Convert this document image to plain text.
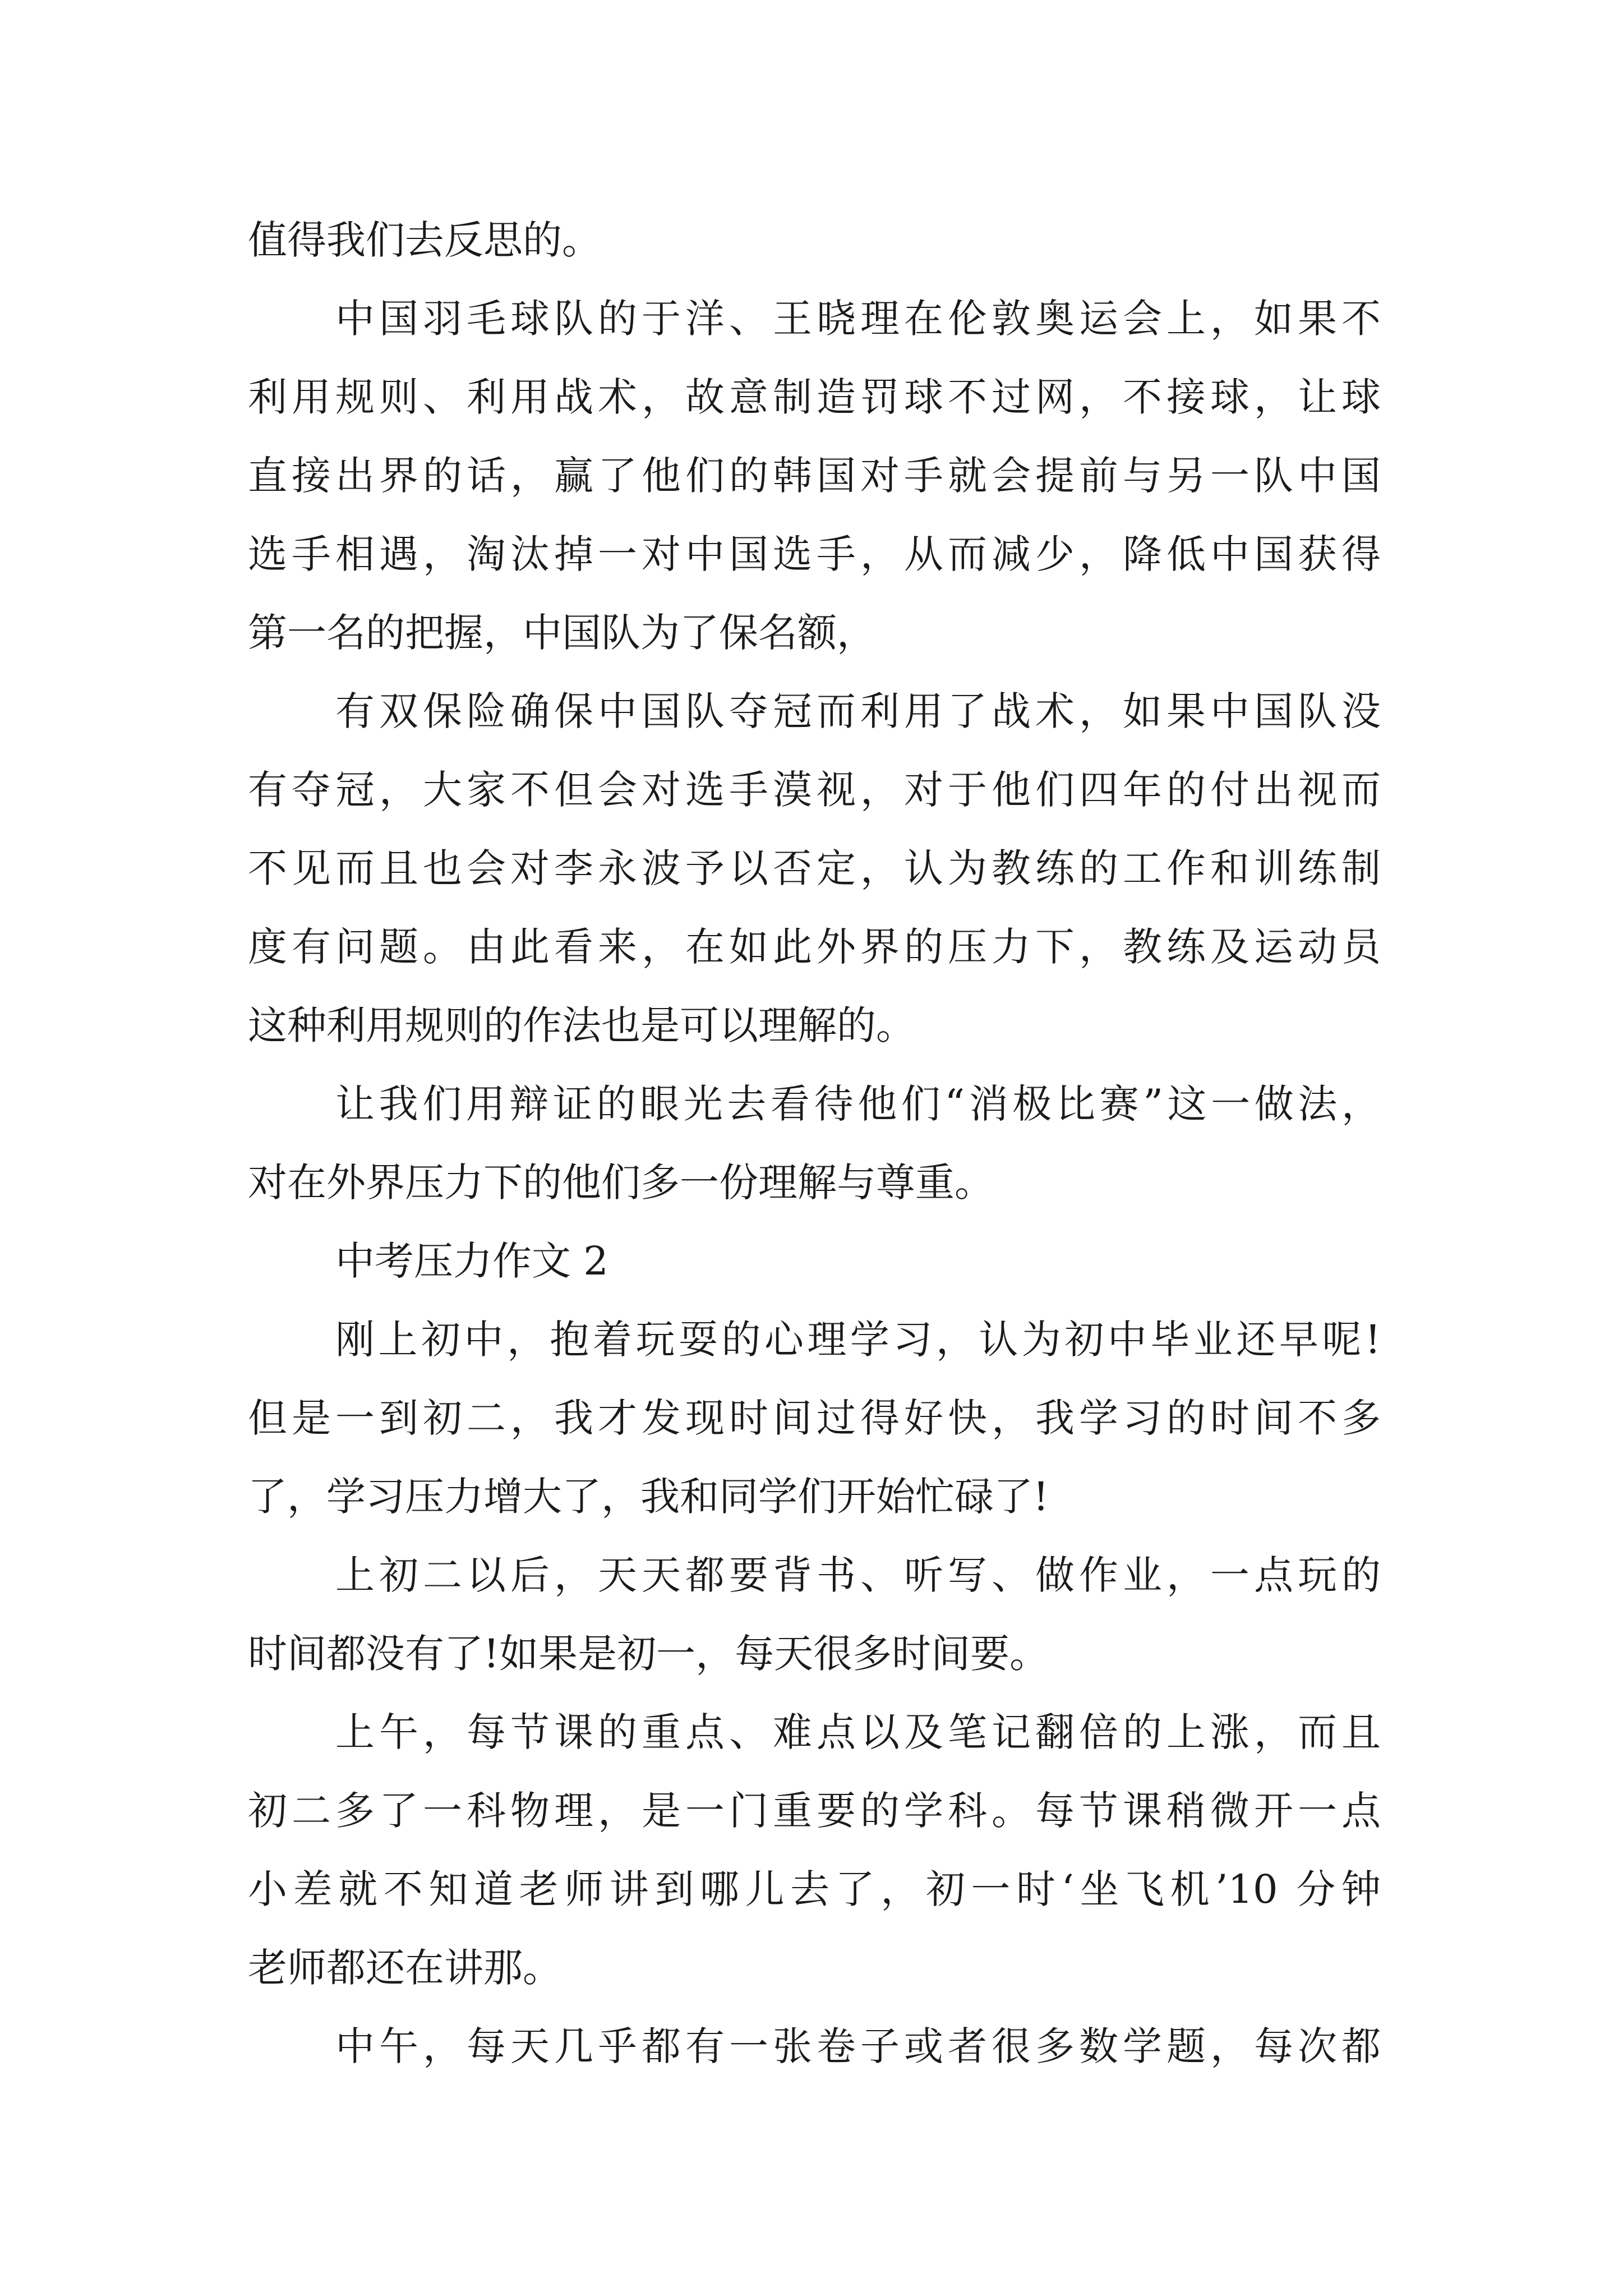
值得我们去反思的。

中国羽毛球队的于洋、王晓理在伦敦奥运会上，如果不

利用规则、利用战术，故意制造罚球不过网，不接球，让球

直接出界的话，赢了他们的韩国对手就会提前与另一队中国

选手相遇，淘汰掉一对中国选手，从而减少，降低中国获得

第一名的把握，中国队为了保名额，

有双保险确保中国队夺冠而利用了战术，如果中国队没

有夺冠，大家不但会对选手漠视，对于他们四年的付出视而

不见而且也会对李永波予以否定，认为教练的工作和训练制

度有问题。由此看来，在如此外界的压力下，教练及运动员

这种利用规则的作法也是可以理解的。

让我们用辩证的眼光去看待他们“消极比赛”这一做法，

对在外界压力下的他们多一份理解与尊重。

中考压力作文 2

刚上初中，抱着玩耍的心理学习，认为初中毕业还早呢!

但是一到初二，我才发现时间过得好快，我学习的时间不多

了，学习压力增大了，我和同学们开始忙碌了!

上初二以后，天天都要背书、听写、做作业，一点玩的

时间都没有了!如果是初一，每天很多时间要。

上午，每节课的重点、难点以及笔记翻倍的上涨，而且

初二多了一科物理，是一门重要的学科。每节课稍微开一点

小差就不知道老师讲到哪儿去了，初一时‘坐飞机’10 分钟

老师都还在讲那。

中午，每天几乎都有一张卷子或者很多数学题，每次都
